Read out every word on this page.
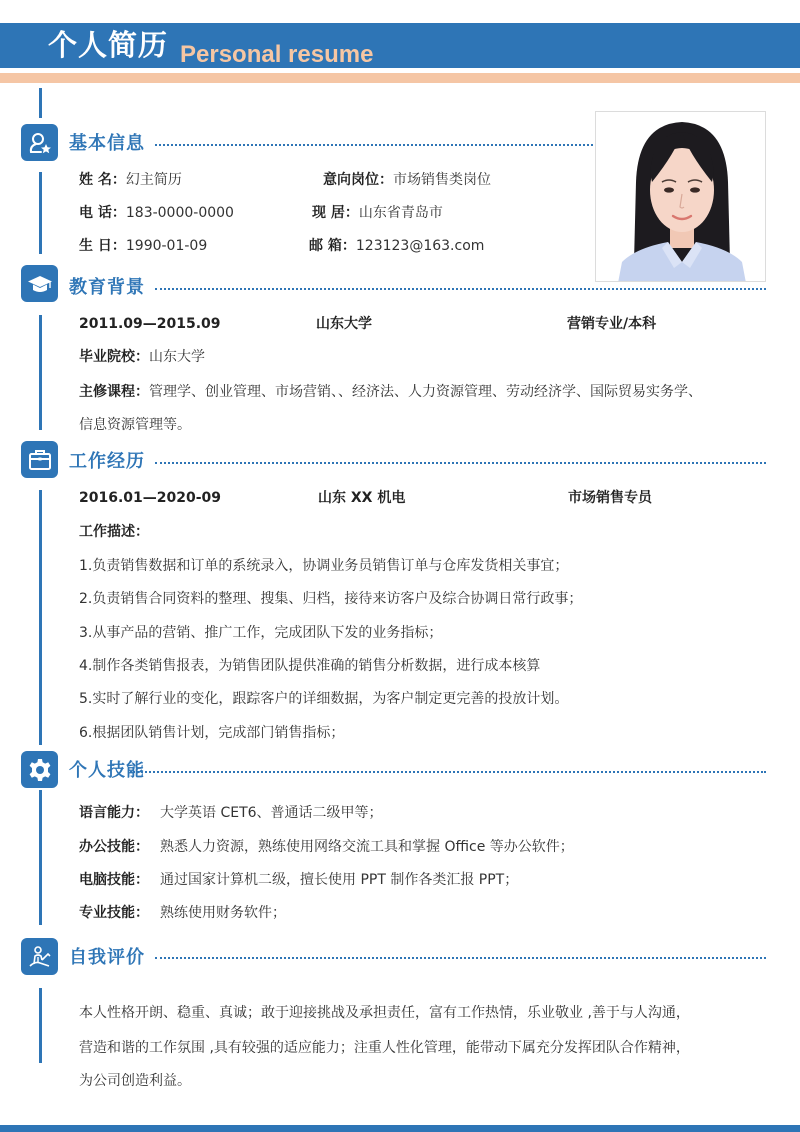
个人简历 Personal resume
基本信息
姓 名：幻主简历	意向岗位：市场销售类岗位
电 话：183-0000-0000	现 居：山东省青岛市
生 日：1990-01-09	邮 箱：123123@163.com
教育背景
2011.09—2015.09	山东大学	营销专业/本科
毕业院校：山东大学
主修课程：管理学、创业管理、市场营销、、经济法、人力资源管理、劳动经济学、国际贸易实务学、
信息资源管理等。
工作经历
2016.01—2020-09	山东 XX 机电	市场销售专员
工作描述：
1.负责销售数据和订单的系统录入，协调业务员销售订单与仓库发货相关事宜；
2.负责销售合同资料的整理、搜集、归档，接待来访客户及综合协调日常行政事；
3.从事产品的营销、推广工作，完成团队下发的业务指标；
4.制作各类销售报表，为销售团队提供准确的销售分析数据，进行成本核算
5.实时了解行业的变化，跟踪客户的详细数据，为客户制定更完善的投放计划。
6.根据团队销售计划，完成部门销售指标；
个人技能
语言能力： 大学英语 CET6、普通话二级甲等；
办公技能： 熟悉人力资源，熟练使用网络交流工具和掌握 Office 等办公软件；
电脑技能： 通过国家计算机二级，擅长使用 PPT 制作各类汇报 PPT；
专业技能： 熟练使用财务软件；
自我评价
本人性格开朗、稳重、真诚；敢于迎接挑战及承担责任，富有工作热情，乐业敬业 ,善于与人沟通，
营造和谐的工作氛围 ,具有较强的适应能力；注重人性化管理，能带动下属充分发挥团队合作精神，
为公司创造利益。
